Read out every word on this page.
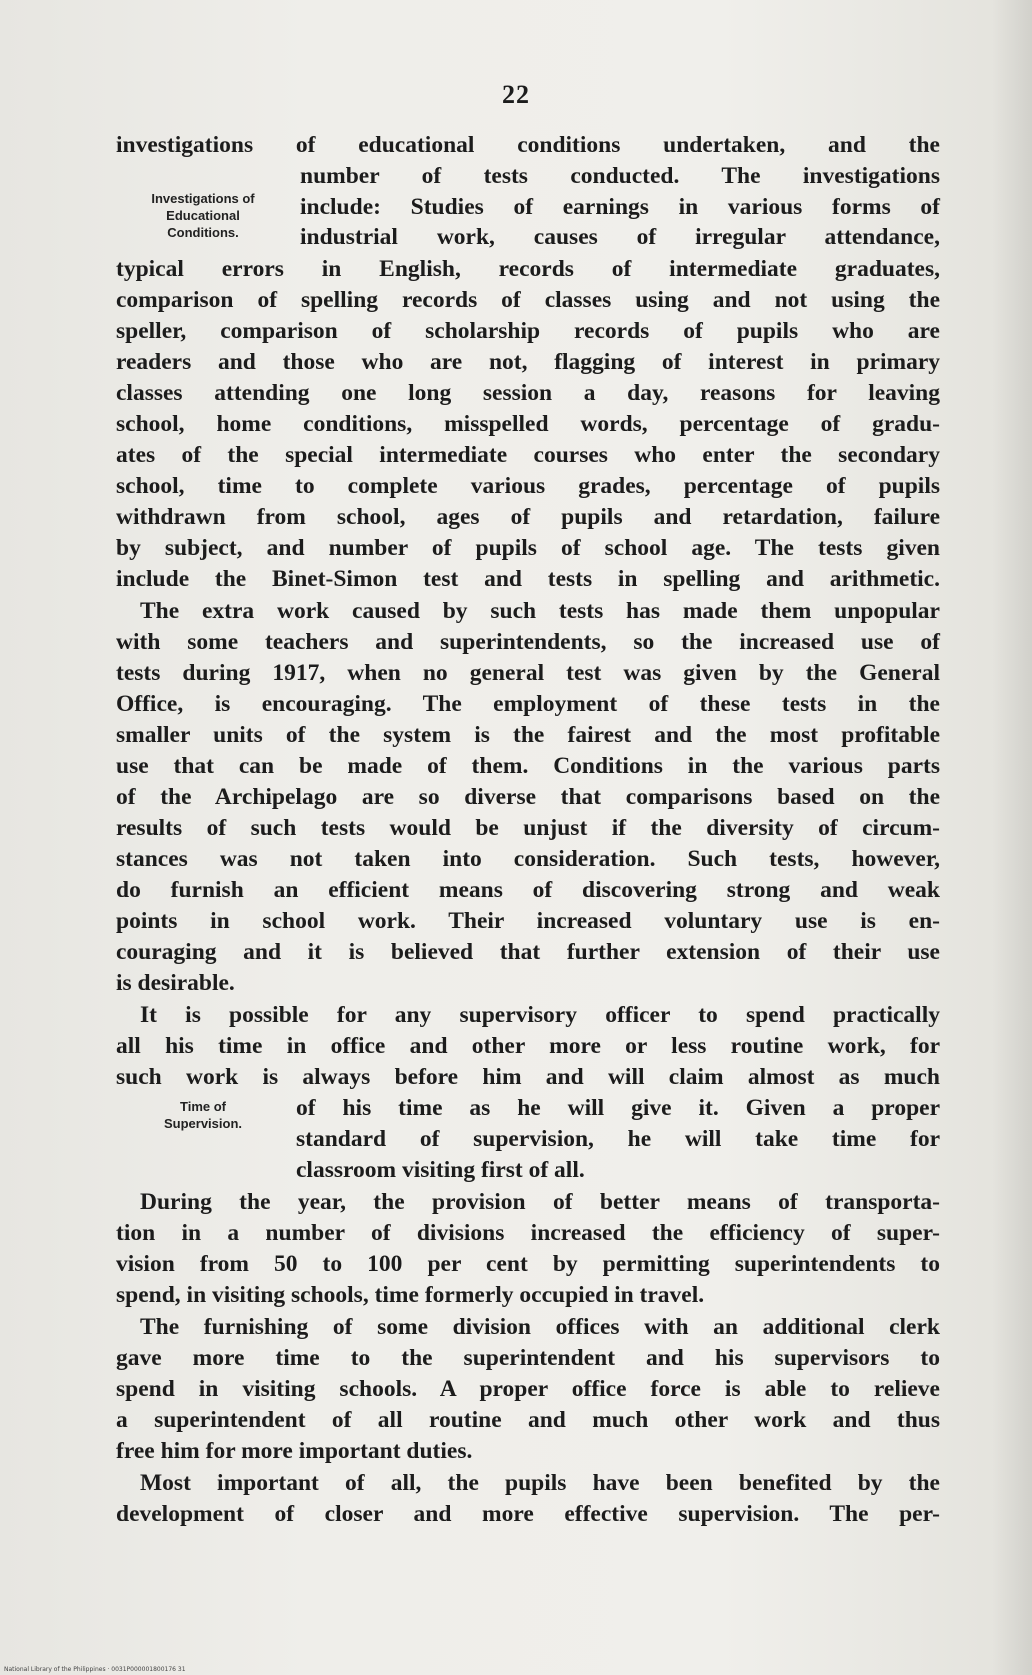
22
Investigations of
Educational
Conditions.
Time of
Supervision.
investigations of educational conditions undertaken, and the
number of tests conducted. The investigations
include: Studies of earnings in various forms of
industrial work, causes of irregular attendance,
typical errors in English, records of intermediate graduates,
comparison of spelling records of classes using and not using the
speller, comparison of scholarship records of pupils who are
readers and those who are not, flagging of interest in primary
classes attending one long session a day, reasons for leaving
school, home conditions, misspelled words, percentage of gradu-
ates of the special intermediate courses who enter the secondary
school, time to complete various grades, percentage of pupils
withdrawn from school, ages of pupils and retardation, failure
by subject, and number of pupils of school age. The tests given
include the Binet-Simon test and tests in spelling and arithmetic.
The extra work caused by such tests has made them unpopular
with some teachers and superintendents, so the increased use of
tests during 1917, when no general test was given by the General
Office, is encouraging. The employment of these tests in the
smaller units of the system is the fairest and the most profitable
use that can be made of them. Conditions in the various parts
of the Archipelago are so diverse that comparisons based on the
results of such tests would be unjust if the diversity of circum-
stances was not taken into consideration. Such tests, however,
do furnish an efficient means of discovering strong and weak
points in school work. Their increased voluntary use is en-
couraging and it is believed that further extension of their use
is desirable.
It is possible for any supervisory officer to spend practically
all his time in office and other more or less routine work, for
such work is always before him and will claim almost as much
of his time as he will give it. Given a proper
standard of supervision, he will take time for
classroom visiting first of all.
During the year, the provision of better means of transporta-
tion in a number of divisions increased the efficiency of super-
vision from 50 to 100 per cent by permitting superintendents to
spend, in visiting schools, time formerly occupied in travel.
The furnishing of some division offices with an additional clerk
gave more time to the superintendent and his supervisors to
spend in visiting schools. A proper office force is able to relieve
a superintendent of all routine and much other work and thus
free him for more important duties.
Most important of all, the pupils have been benefited by the
development of closer and more effective supervision. The per-
National Library of the Philippines · 0031P000001800176 31
